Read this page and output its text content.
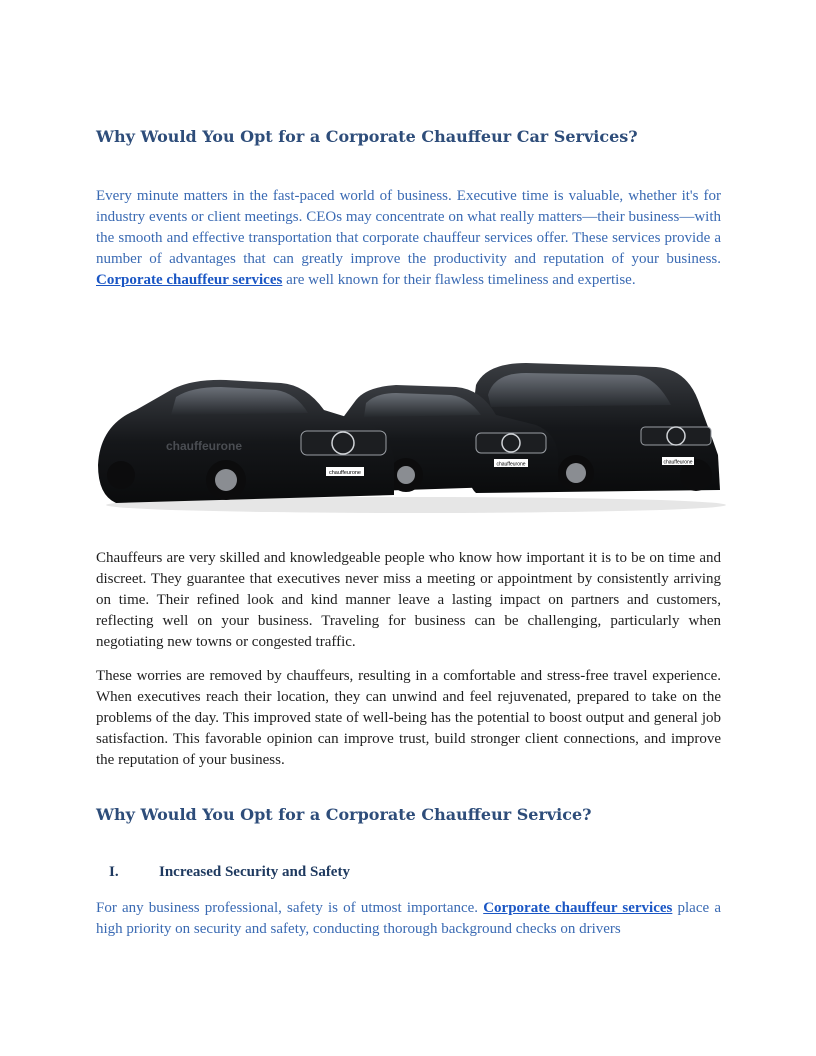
Why Would You Opt for a Corporate Chauffeur Car Services?

Every minute matters in the fast-paced world of business. Executive time is valuable, whether it's for industry events or client meetings. CEOs may concentrate on what really matters—their business—with the smooth and effective transportation that corporate chauffeur services offer. These services provide a number of advantages that can greatly improve the productivity and reputation of your business. Corporate chauffeur services are well known for their flawless timeliness and expertise.

Chauffeurs are very skilled and knowledgeable people who know how important it is to be on time and discreet. They guarantee that executives never miss a meeting or appointment by consistently arriving on time. Their refined look and kind manner leave a lasting impact on partners and customers, reflecting well on your business. Traveling for business can be challenging, particularly when negotiating new towns or congested traffic.

These worries are removed by chauffeurs, resulting in a comfortable and stress-free travel experience. When executives reach their location, they can unwind and feel rejuvenated, prepared to take on the problems of the day. This improved state of well-being has the potential to boost output and general job satisfaction. This favorable opinion can improve trust, build stronger client connections, and improve the reputation of your business.

Why Would You Opt for a Corporate Chauffeur Service?

For any business professional, safety is of utmost importance. Corporate chauffeur services place a high priority on security and safety, conducting thorough background checks on drivers

I.	Increased Security and Safety

chauffeurone
chauffeurone
chauffeurone
chauffeurone
